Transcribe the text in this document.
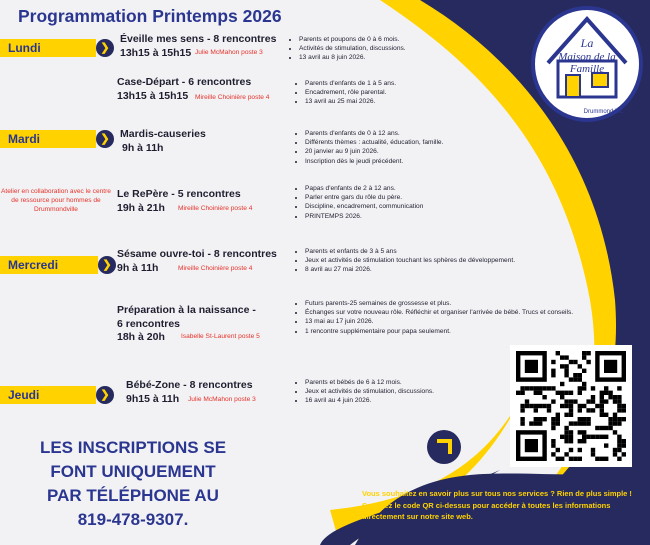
La
Maison de la
Famille
Drummond inc.
Programmation Printemps 2026
Lundi	❯
Éveille mes sens - 8 rencontres
13h15 à 15h15 Julie McMahon poste 3
• Parents et poupons de 0 à 6 mois.
• Activités de stimulation, discussions.
• 13 avril au 8 juin 2026.
Case-Départ - 6 rencontres
13h15 à 15h15	Mireille Choinière poste 4
• Parents d'enfants de 1 à 5 ans.
• Encadrement, rôle parental.
• 13 avril au 25 mai 2026.
Mardi	❯ Mardis-causeries
9h à 11h
• Parents d'enfants de 0 à 12 ans.
• Différents thèmes : actualité, éducation, famille.
• 20 janvier au 9 juin 2026.
• Inscription dès le jeudi précédent.
Atelier en collaboration avec le centre de ressource pour hommes de Drummondville
Le RePère - 5 rencontres
19h à 21h	Mireille Choinière poste 4
• Papas d'enfants de 2 à 12 ans.
• Parler entre gars du rôle du père.
• Discipline, encadrement, communication
• PRINTEMPS 2026.
Mercredi	❯
Sésame ouvre-toi - 8 rencontres
9h à 11h	Mireille Choinière poste 4
• Parents et enfants de 3 à 5 ans
• Jeux et activités de stimulation touchant les sphères de développement.
• 8 avril au 27 mai 2026.
Préparation à la naissance -
6 rencontres
18h à 20h	Isabelle St-Laurent poste 5
• Futurs parents-25 semaines de grossesse et plus.
• Échanges sur votre nouveau rôle. Réfléchir et organiser l'arrivée de bébé. Trucs et conseils.
• 13 mai au 17 juin 2026.
• 1 rencontre supplémentaire pour papa seulement.
Jeudi	❯
Bébé-Zone - 8 rencontres
9h15 à 11h	Julie McMahon poste 3
• Parents et bébés de 6 à 12 mois.
• Jeux et activités de stimulation, discussions.
• 16 avril au 4 juin 2026.
LES INSCRIPTIONS SE
FONT UNIQUEMENT
PAR TÉLÉPHONE AU
819-478-9307.
Vous souhaitez en savoir plus sur tous nos services ? Rien de plus simple ! Scannez le code QR ci-dessus pour accéder à toutes les informations directement sur notre site web.
